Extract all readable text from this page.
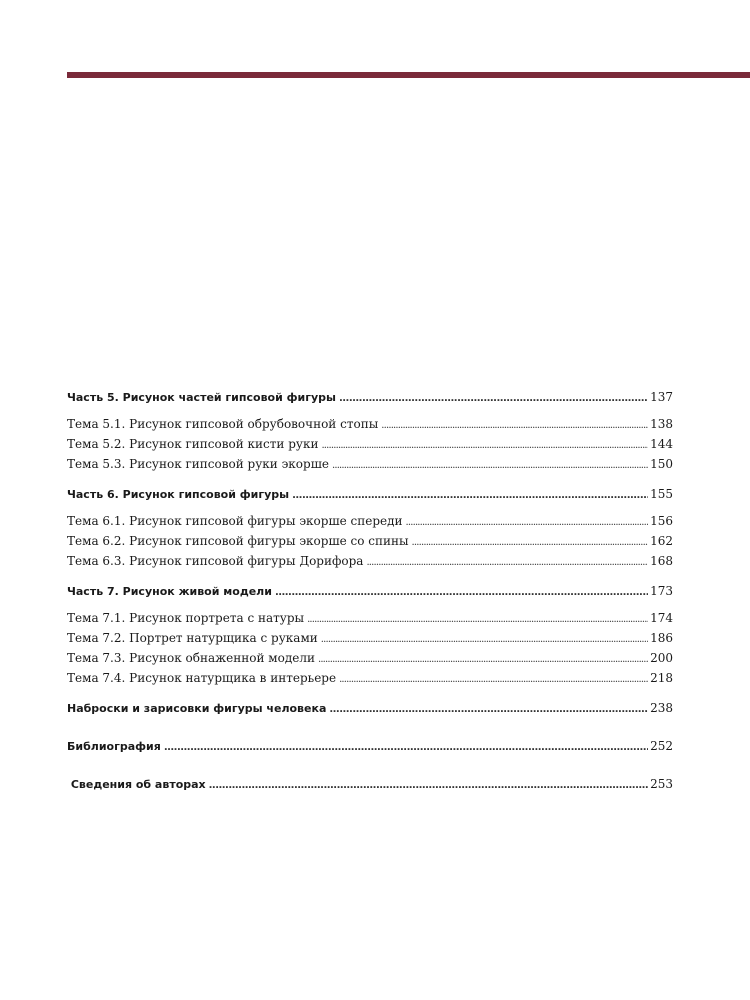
Часть 5. Рисунок частей гипсовой фигуры . . .	137
Тема 5.1. Рисунок гипсовой обрубовочной стопы . . .	138
Тема 5.2. Рисунок гипсовой кисти руки . . .	144
Тема 5.3. Рисунок гипсовой руки экорше . . .	150
Часть 6. Рисунок гипсовой фигуры . . .	155
Тема 6.1. Рисунок гипсовой фигуры экорше спереди . . .	156
Тема 6.2. Рисунок гипсовой фигуры экорше со спины . . .	162
Тема 6.3. Рисунок гипсовой фигуры Дорифора . . .	168
Часть 7. Рисунок живой модели . . .	173
Тема 7.1. Рисунок портрета с натуры . . .	174
Тема 7.2. Портрет натурщика с руками . . .	186
Тема 7.3. Рисунок обнаженной модели . . .	200
Тема 7.4. Рисунок натурщика в интерьере . . .	218
Наброски и зарисовки фигуры человека . . .	238
Библиография . . .	252
Сведения об авторах . . .	253
